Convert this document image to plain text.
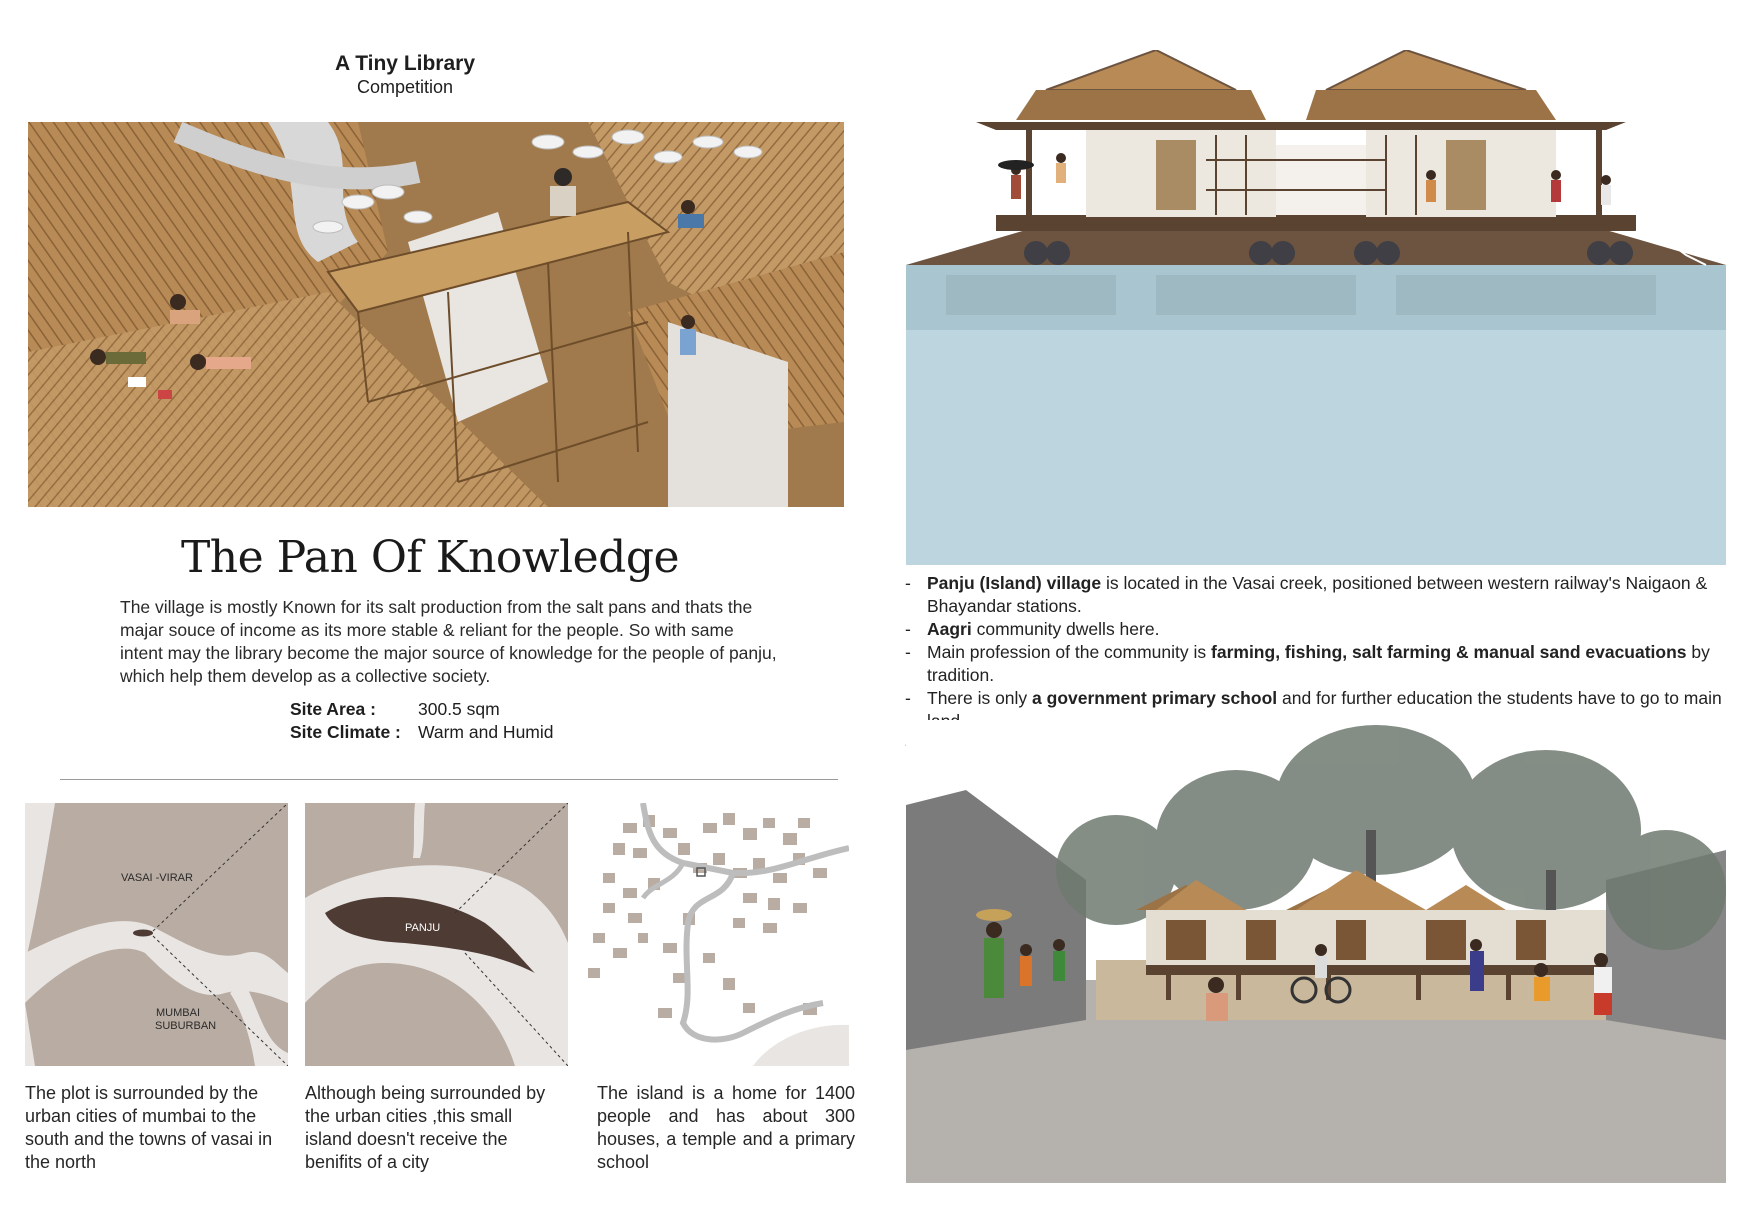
A Tiny Library
Competition
The Pan Of Knowledge
The village is mostly Known for its salt production from the salt pans and thats the majar souce of income as its more stable & reliant for the people. So with same intent may the library become the major source of knowledge for the people of panju, which help them develop as a collective society.
Site Area :	300.5 sqm
Site Climate : Warm and Humid
VASAI -VIRAR
MUMBAI
SUBURBAN
PANJU
The plot is surrounded by the urban cities of mumbai to the south and the towns of vasai in the north
Although being surrounded by the urban cities ,this small island doesn't receive the benifits of a city
The island is a home for 1400 people and has about 300 houses, a temple and a primary school
- Panju (Island) village is located in the Vasai creek, positioned between western railway's Naigaon & Bhayandar stations.
- Aagri community dwells here.
- Main profession of the community is farming, fishing, salt farming & manual sand evacuations by tradition.
- There is only a government primary school and for further education the students have to go to main
-
